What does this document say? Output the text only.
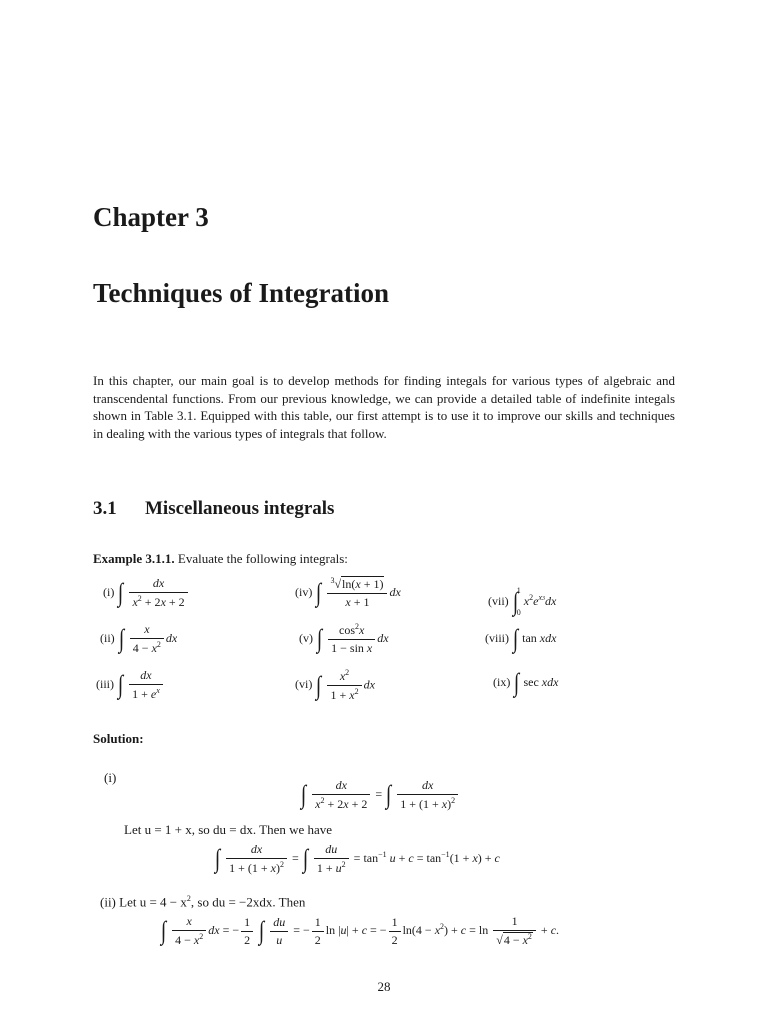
Chapter 3
Techniques of Integration
In this chapter, our main goal is to develop methods for finding integals for various types of algebraic and transcendental functions. From our previous knowledge, we can provide a detailed table of indefinite integals shown in Table 3.1. Equipped with this table, our first attempt is to use it to improve our skills and techniques in dealing with the various types of integrals that follow.
3.1 Miscellaneous integrals
Example 3.1.1. Evaluate the following integrals:
(i) ∫ $\frac{dx}{x^2 + 2x + 2}$
(ii) ∫ $\frac{x}{4 - x^2}$ dx
(iii) ∫ $\frac{dx}{1 + e^x}$
(iv) ∫ $\frac{^3√\ln(x + 1)}{x + 1}$ dx
(v) ∫ $\frac{\cos^2x}{\text{1 − sin x}}$ dx
(vi) ∫ $\frac{x^2}{1 + x^2}$ dx
(vii) ∫
1
0
$x^2e^{x3}dx$
(viii) ∫ tan xdx
(ix) ∫ sec xdx
Solution:
(i)
∫ $\frac{dx}{x^2 + 2x + 2}$ = ∫ $\frac{dx}{1 + (1 + x)^2}$
Let u = 1 + x, so du = dx. Then we have
∫ $\frac{dx}{1 + (1 + x)^2}$ = ∫ $\frac{du}{1 + u^2} = \tan^{-1} u + c = \tan^{-1}(1 + x) + c$
(ii) Let $u = 4 - x^2$, so du = −2xdx. Then
∫ $\frac{x}{4 - x^2}$ dx = − $\frac{1}{2}$ ∫ $\frac{du}{u}$ = − $\frac{1}{2}$ ln |u| + c = − $\frac{1}{2} \ln(4 - x^2) + c = \ln \frac{1}{√4 - x^2} + c$.
28
